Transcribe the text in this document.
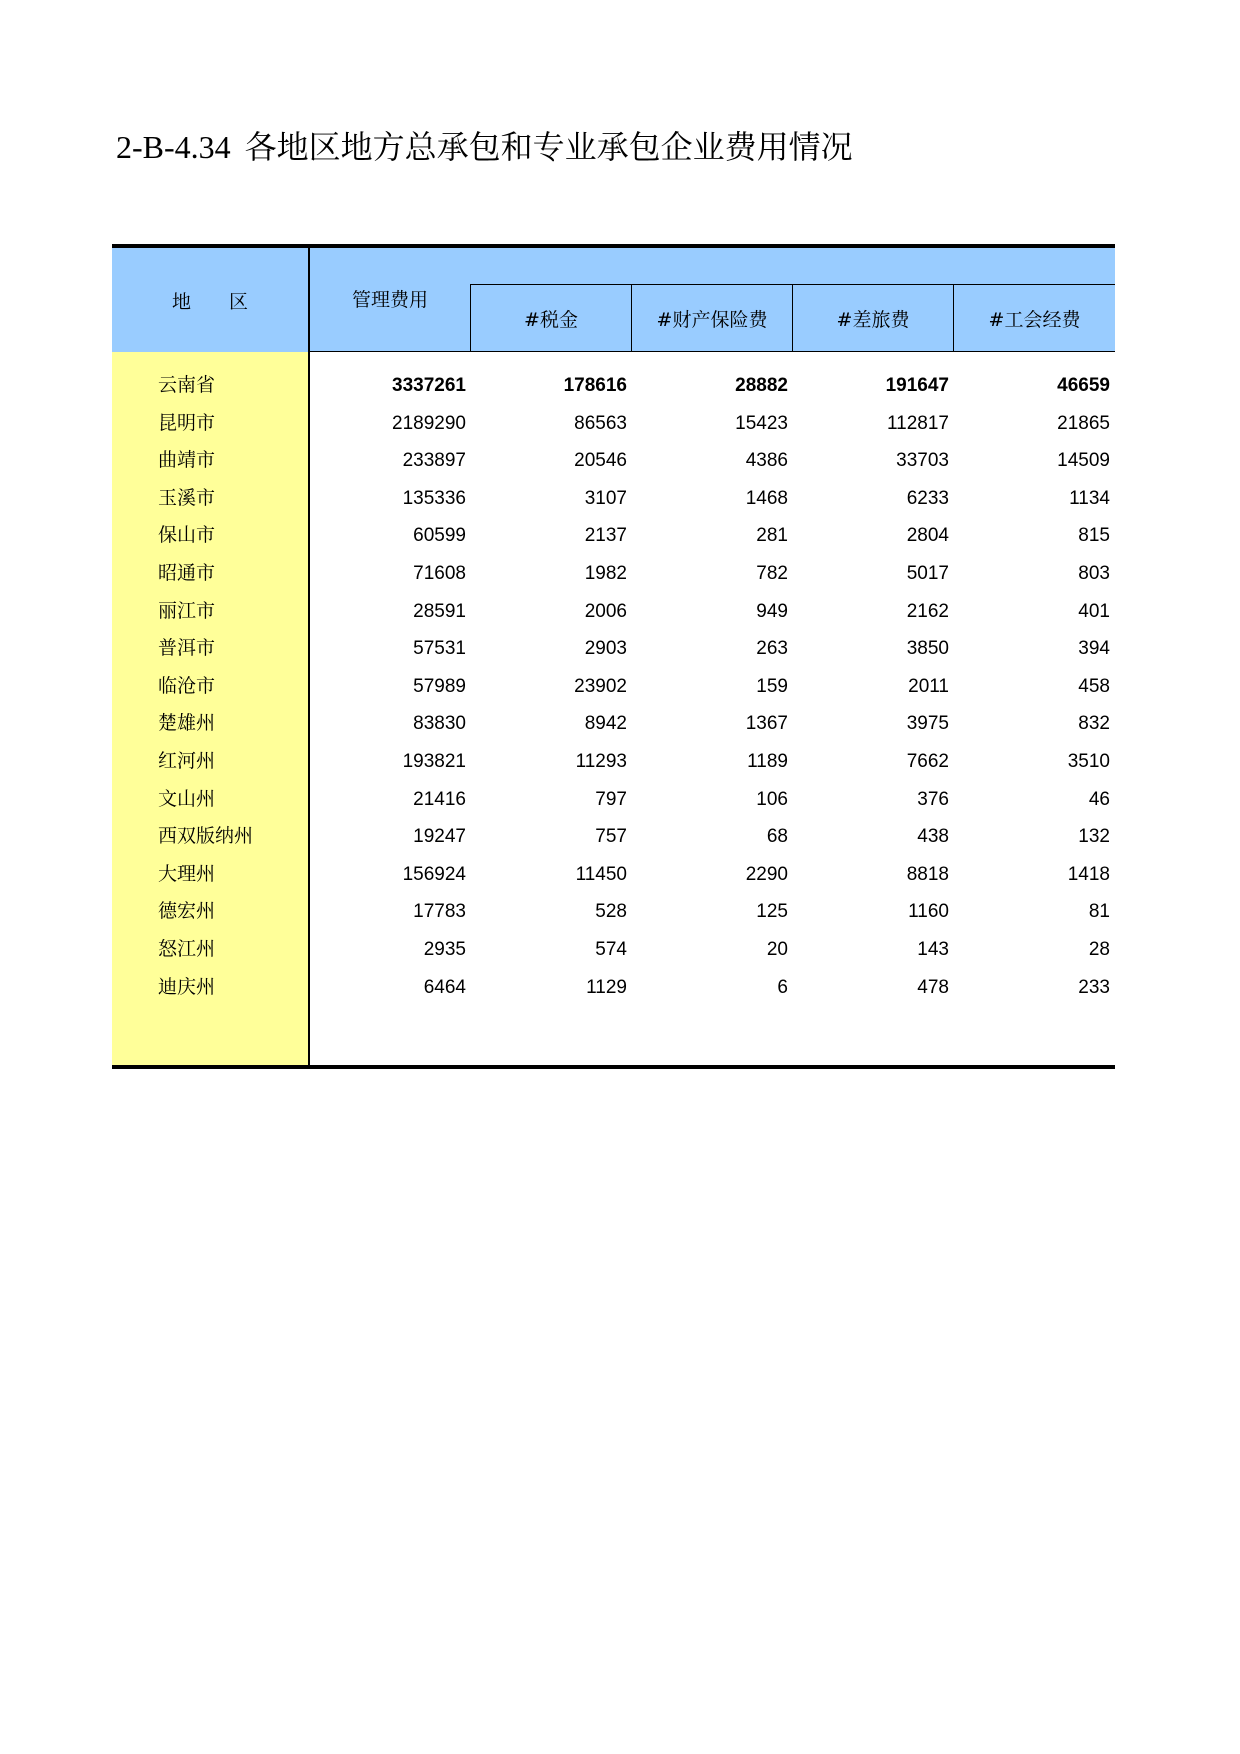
2-B-4.34 各地区地方总承包和专业承包企业费用情况
地 区	管理费用
#税金	#财产保险费	#差旅费	#工会经费
云南省	3337261	178616	28882	191647	46659
昆明市	2189290	86563	15423	112817	21865
曲靖市	233897	20546	4386	33703	14509
玉溪市	135336	3107	1468	6233	1134
保山市	60599	2137	281	2804	815
昭通市	71608	1982	782	5017	803
丽江市	28591	2006	949	2162	401
普洱市	57531	2903	263	3850	394
临沧市	57989	23902	159	2011	458
楚雄州	83830	8942	1367	3975	832
红河州	193821	11293	1189	7662	3510
文山州	21416	797	106	376	46
西双版纳州	19247	757	68	438	132
大理州	156924	11450	2290	8818	1418
德宏州	17783	528	125	1160	81
怒江州	2935	574	20	143	28
迪庆州	6464	1129	6	478	233
